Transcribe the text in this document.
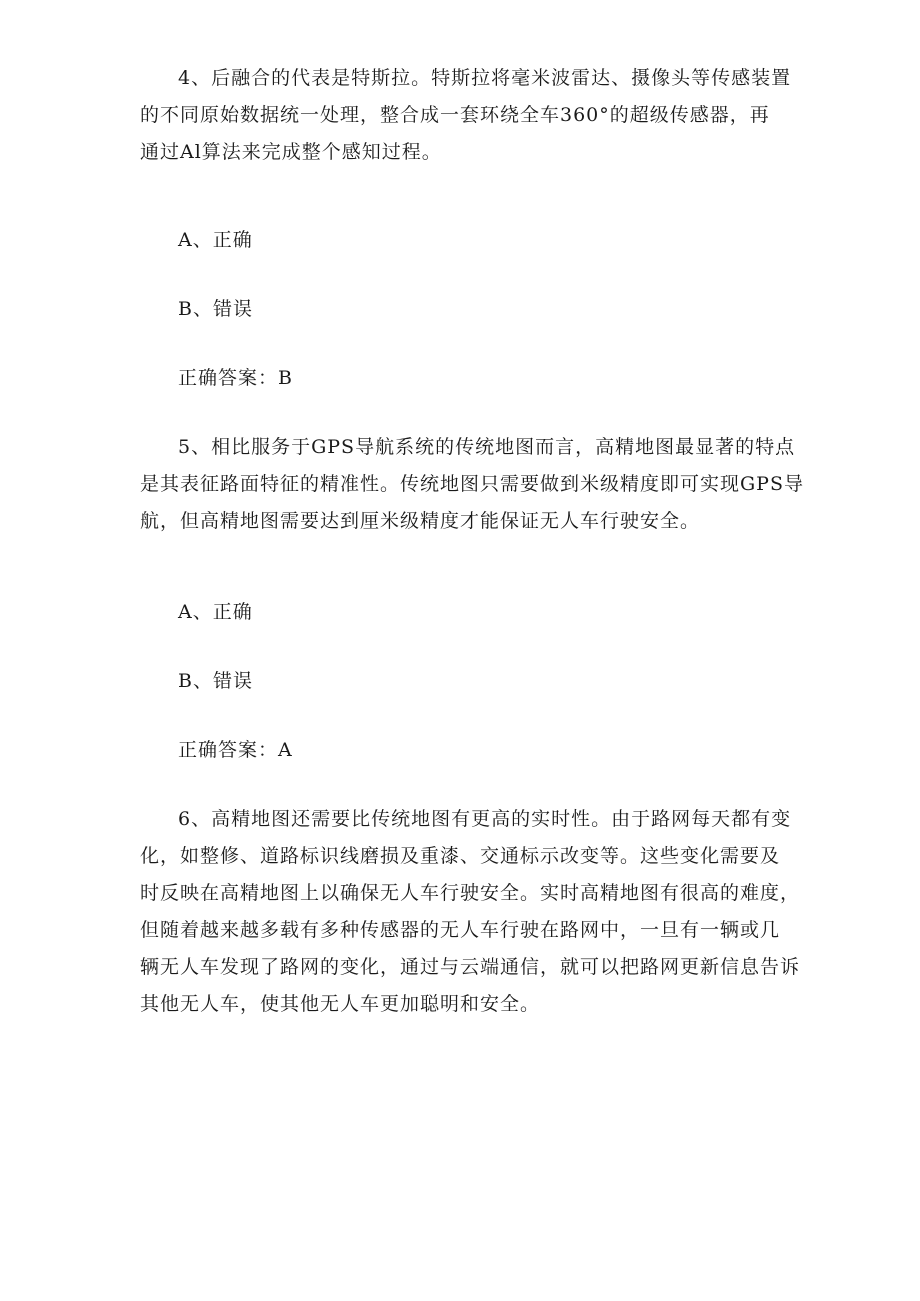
4、后融合的代表是特斯拉。特斯拉将毫米波雷达、摄像头等传感装置
的不同原始数据统一处理，整合成一套环绕全车360°的超级传感器，再
通过Al算法来完成整个感知过程。
A、正确
B、错误
正确答案：B
5、相比服务于GPS导航系统的传统地图而言，高精地图最显著的特点
是其表征路面特征的精准性。传统地图只需要做到米级精度即可实现GPS导
航，但高精地图需要达到厘米级精度才能保证无人车行驶安全。
A、正确
B、错误
正确答案：A
6、高精地图还需要比传统地图有更高的实时性。由于路网每天都有变
化，如整修、道路标识线磨损及重漆、交通标示改变等。这些变化需要及
时反映在高精地图上以确保无人车行驶安全。实时高精地图有很高的难度，
但随着越来越多载有多种传感器的无人车行驶在路网中，一旦有一辆或几
辆无人车发现了路网的变化，通过与云端通信，就可以把路网更新信息告诉
其他无人车，使其他无人车更加聪明和安全。
